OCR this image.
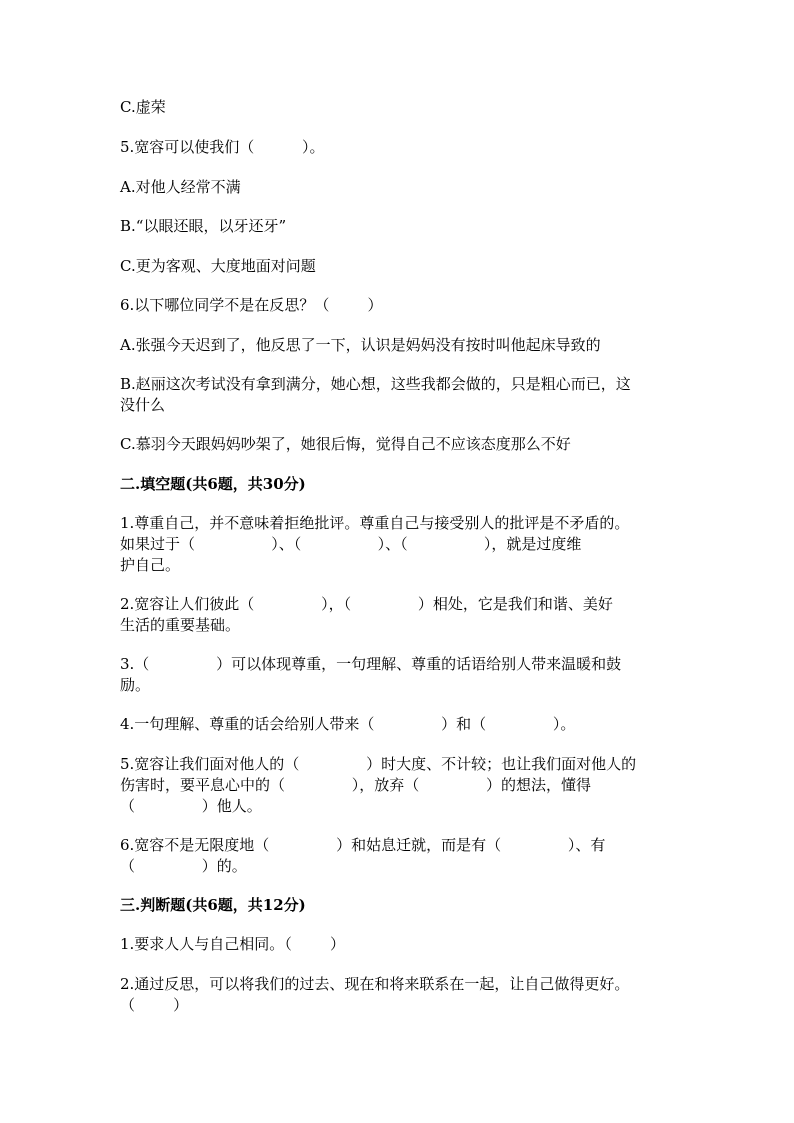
C.虚荣
5.宽容可以使我们（          ）。
A.对他人经常不满
B.“以眼还眼，以牙还牙”
C.更为客观、大度地面对问题
6.以下哪位同学不是在反思？（        ）
A.张强今天迟到了，他反思了一下，认识是妈妈没有按时叫他起床导致的
B.赵丽这次考试没有拿到满分，她心想，这些我都会做的，只是粗心而已，这
没什么
C.慕羽今天跟妈妈吵架了，她很后悔，觉得自己不应该态度那么不好
二.填空题(共6题，共30分)
1.尊重自己，并不意味着拒绝批评。尊重自己与接受别人的批评是不矛盾的。
如果过于（                ）、（                ）、（                ），就是过度维
护自己。
2.宽容让人们彼此（              ），（              ）相处，它是我们和谐、美好
生活的重要基础。
3.（              ）可以体现尊重，一句理解、尊重的话语给别人带来温暖和鼓
励。
4.一句理解、尊重的话会给别人带来（              ）和（              ）。
5.宽容让我们面对他人的（              ）时大度、不计较；也让我们面对他人的
伤害时，要平息心中的（              ），放弃（              ）的想法，懂得
（              ）他人。
6.宽容不是无限度地（              ）和姑息迁就，而是有（              ）、有
（              ）的。
三.判断题(共6题，共12分)
1.要求人人与自己相同。（        ）
2.通过反思，可以将我们的过去、现在和将来联系在一起，让自己做得更好。
（        ）
